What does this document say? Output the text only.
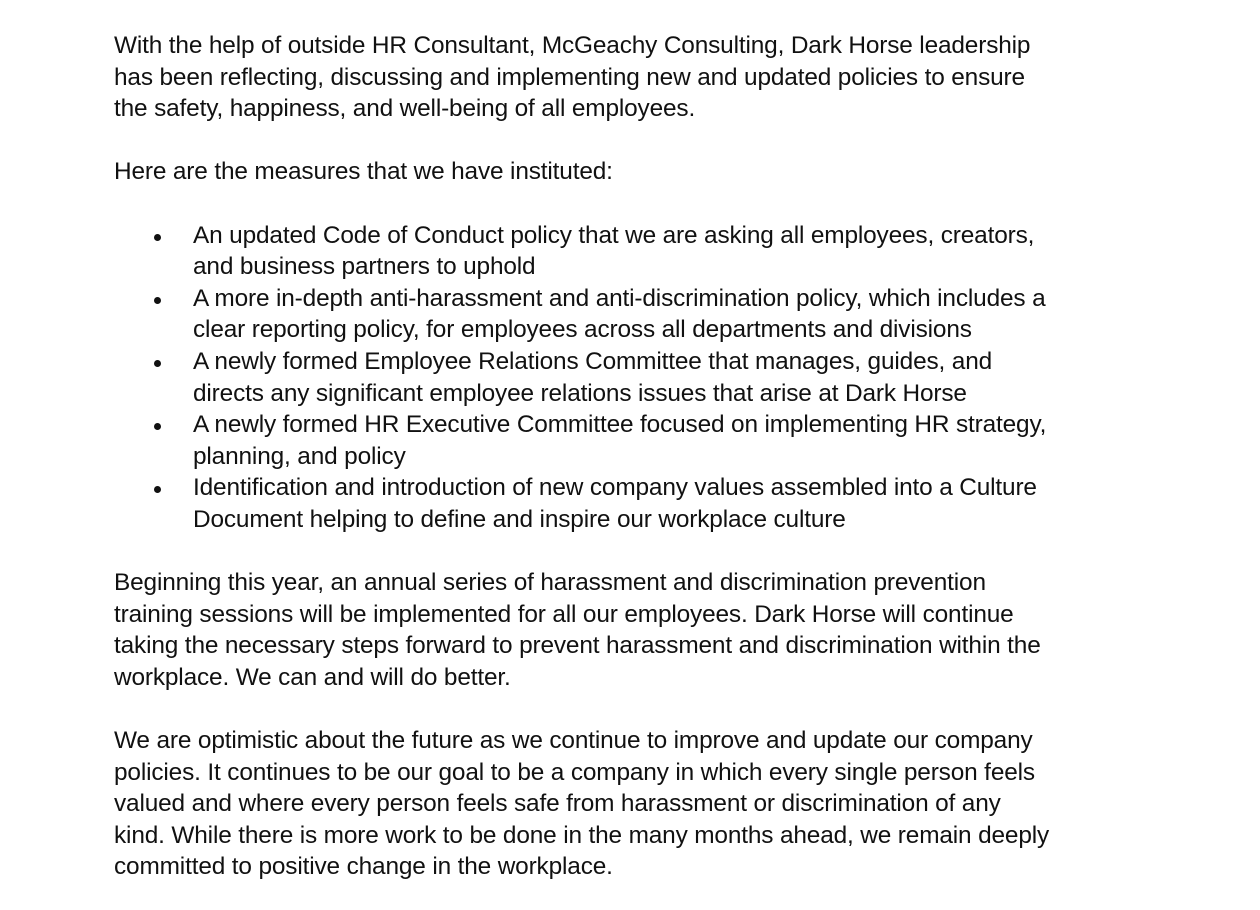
With the help of outside HR Consultant, McGeachy Consulting, Dark Horse leadership
has been reflecting, discussing and implementing new and updated policies to ensure
the safety, happiness, and well-being of all employees.

Here are the measures that we have instituted:

An updated Code of Conduct policy that we are asking all employees, creators,
and business partners to uphold
A more in-depth anti-harassment and anti-discrimination policy, which includes a
clear reporting policy, for employees across all departments and divisions
A newly formed Employee Relations Committee that manages, guides, and
directs any significant employee relations issues that arise at Dark Horse
A newly formed HR Executive Committee focused on implementing HR strategy,
planning, and policy
Identification and introduction of new company values assembled into a Culture
Document helping to define and inspire our workplace culture

Beginning this year, an annual series of harassment and discrimination prevention
training sessions will be implemented for all our employees. Dark Horse will continue
taking the necessary steps forward to prevent harassment and discrimination within the
workplace. We can and will do better.

We are optimistic about the future as we continue to improve and update our company
policies. It continues to be our goal to be a company in which every single person feels
valued and where every person feels safe from harassment or discrimination of any
kind. While there is more work to be done in the many months ahead, we remain deeply
committed to positive change in the workplace.
